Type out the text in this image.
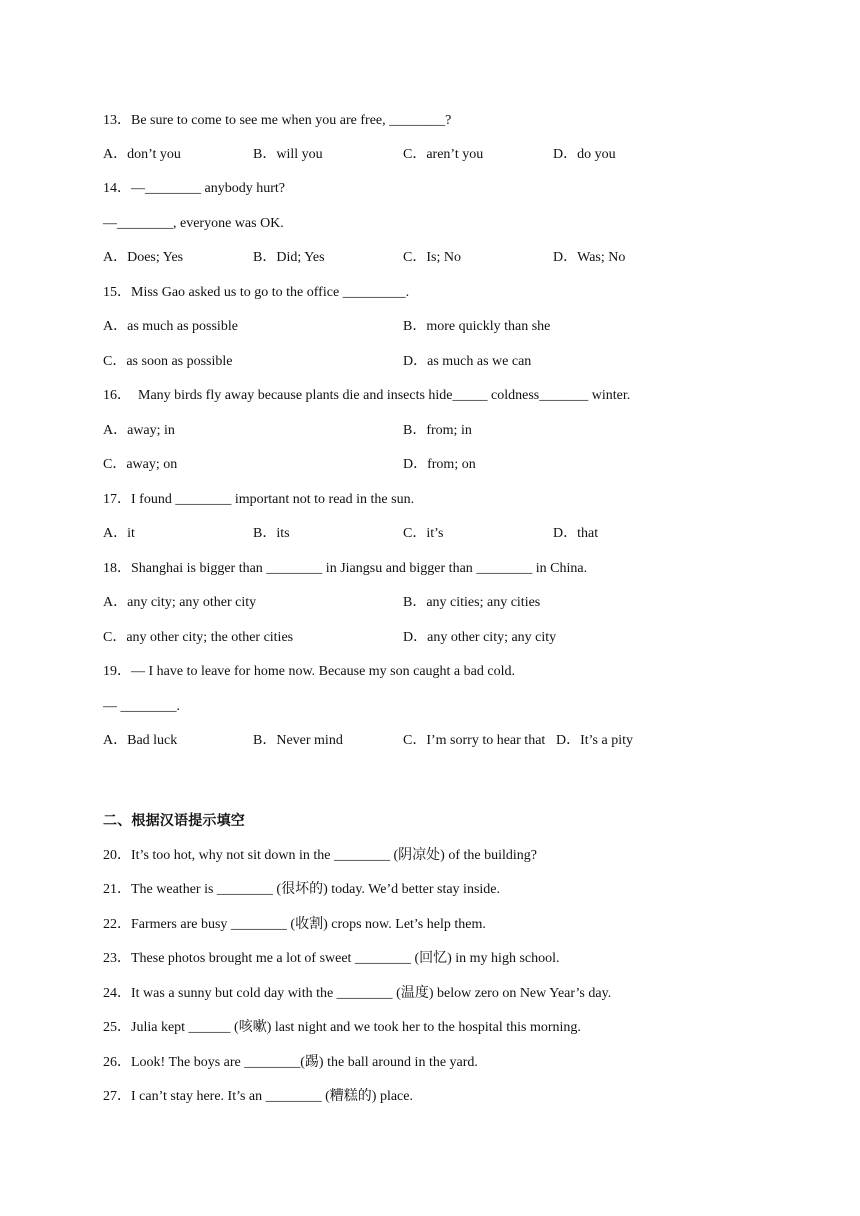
13．Be sure to come to see me when you are free, ________?
A．don’t you	B．will you	C．aren’t you	D．do you
14．—________ anybody hurt?
—________, everyone was OK.
A．Does; Yes	B．Did; Yes	C．Is; No	D．Was; No
15．Miss Gao asked us to go to the office _________.
A．as much as possible	B．more quickly than she
C．as soon as possible	D．as much as we can
16．  Many birds fly away because plants die and insects hide_____ coldness_______ winter.
A．away; in	B．from; in
C．away; on	D．from; on
17．I found ________ important not to read in the sun.
A．it	B．its	C．it’s	D．that
18．Shanghai is bigger than ________ in Jiangsu and bigger than ________ in China.
A．any city; any other city	B．any cities; any cities
C．any other city; the other cities	D．any other city; any city
19．— I have to leave for home now. Because my son caught a bad cold.
— ________.
A．Bad luck	B．Never mind	C．I’m sorry to hear that D．It’s a pity
二、根据汉语提示填空
20．It’s too hot, why not sit down in the ________ (阴凉处) of the building?
21．The weather is ________ (很坏的) today. We’d better stay inside.
22．Farmers are busy ________ (收割) crops now. Let’s help them.
23．These photos brought me a lot of sweet ________ (回忆) in my high school.
24．It was a sunny but cold day with the ________ (温度) below zero on New Year’s day.
25．Julia kept ______ (咳嗽) last night and we took her to the hospital this morning.
26．Look! The boys are ________(踢) the ball around in the yard.
27．I can’t stay here. It’s an ________ (糟糕的) place.
